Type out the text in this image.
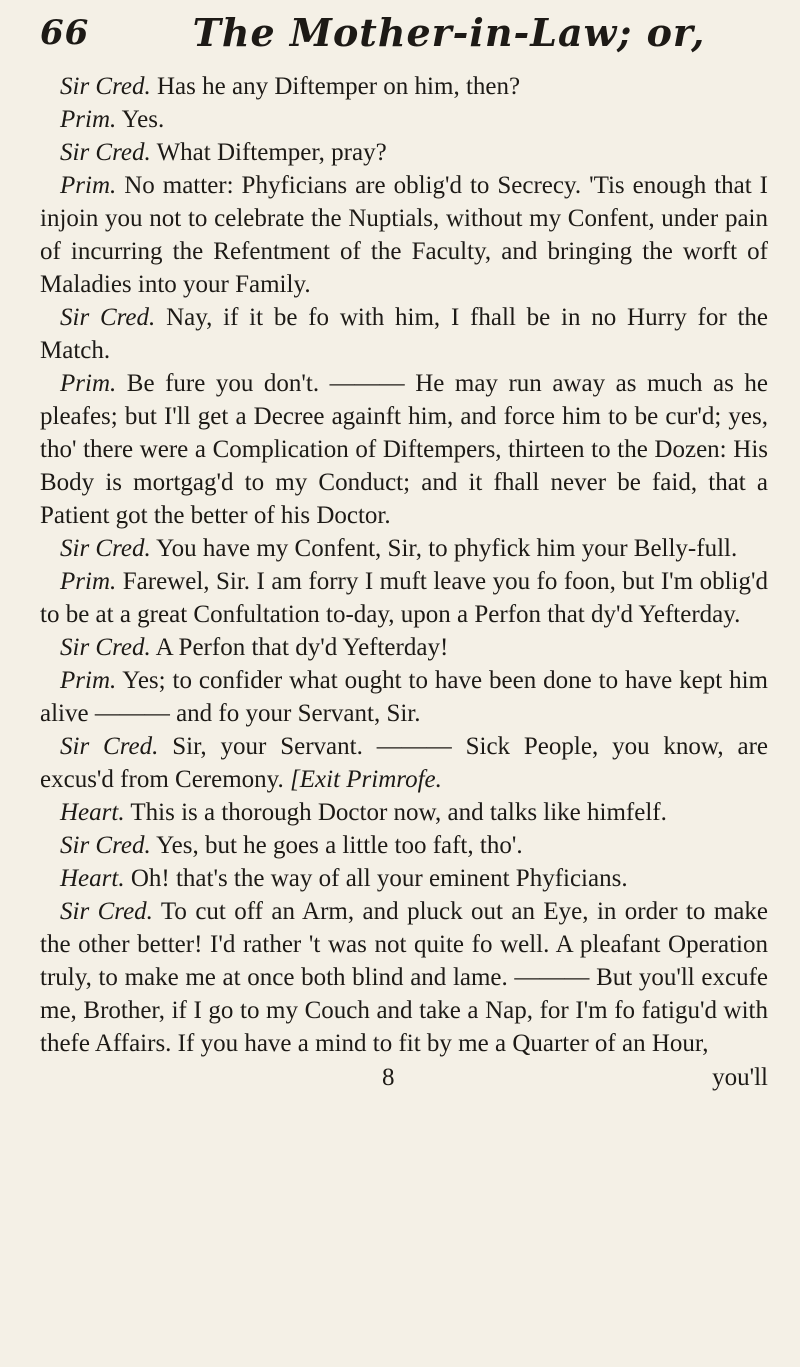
66	The Mother-in-Law; or,

Sir Cred. Has he any Diftemper on him, then?

Prim. Yes.

Sir Cred. What Diftemper, pray?

Prim. No matter: Phyficians are oblig'd to Secrecy. 'Tis enough that I injoin you not to celebrate the Nuptials, without my Confent, under pain of incurring the Refentment of the Faculty, and bringing the worft of Maladies into your Family.

Sir Cred. Nay, if it be fo with him, I fhall be in no Hurry for the Match.

Prim. Be fure you don't. ——— He may run away as much as he pleafes; but I'll get a Decree againft him, and force him to be cur'd; yes, tho' there were a Complication of Diftempers, thirteen to the Dozen: His Body is mortgag'd to my Conduct; and it fhall never be faid, that a Patient got the better of his Doctor.

Sir Cred. You have my Confent, Sir, to phyfick him your Belly-full.

Prim. Farewel, Sir. I am forry I muft leave you fo foon, but I'm oblig'd to be at a great Confultation to-day, upon a Perfon that dy'd Yefterday.

Sir Cred. A Perfon that dy'd Yefterday!

Prim. Yes; to confider what ought to have been done to have kept him alive ——— and fo your Servant, Sir.

Sir Cred. Sir, your Servant. ——— Sick People, you know, are excus'd from Ceremony. [Exit Primrofe.

Heart. This is a thorough Doctor now, and talks like himfelf.

Sir Cred. Yes, but he goes a little too faft, tho'.

Heart. Oh! that's the way of all your eminent Phyficians.

Sir Cred. To cut off an Arm, and pluck out an Eye, in order to make the other better! I'd rather 't was not quite fo well. A pleafant Operation truly, to make me at once both blind and lame. ——— But you'll excufe me, Brother, if I go to my Couch and take a Nap, for I'm fo fatigu'd with thefe Affairs. If you have a mind to fit by me a Quarter of an Hour,

8	you'll
